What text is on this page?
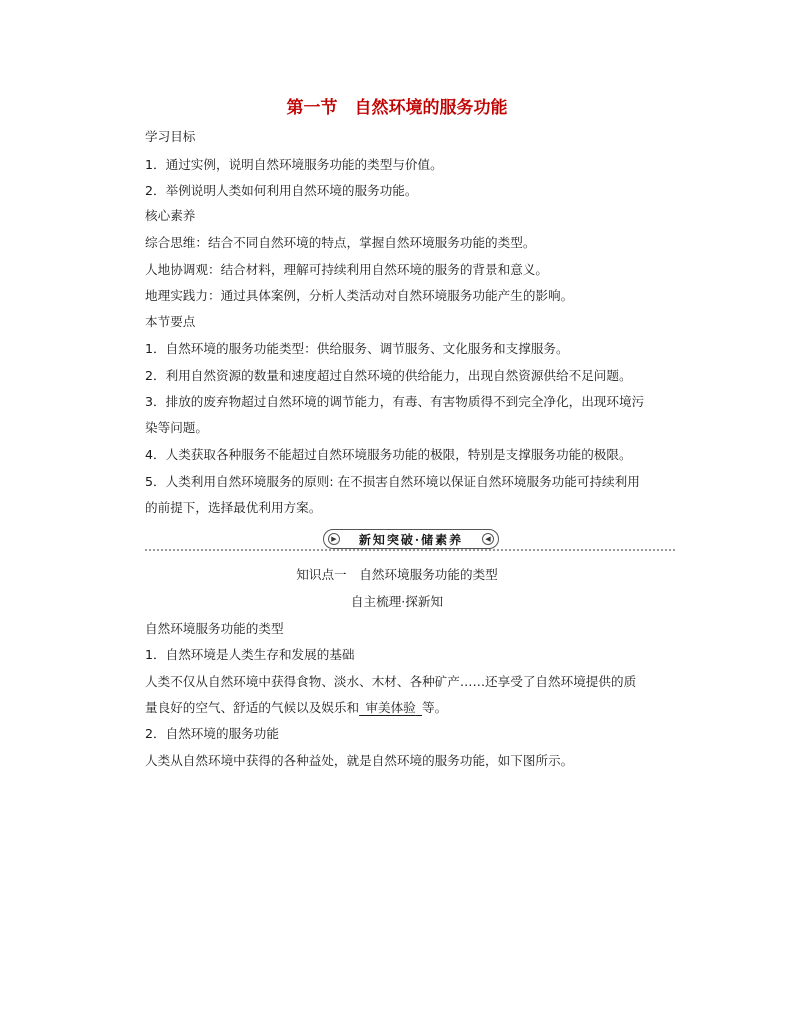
第一节　自然环境的服务功能
学习目标
1．通过实例，说明自然环境服务功能的类型与价值。
2．举例说明人类如何利用自然环境的服务功能。
核心素养
综合思维：结合不同自然环境的特点，掌握自然环境服务功能的类型。
人地协调观：结合材料，理解可持续利用自然环境的服务的背景和意义。
地理实践力：通过具体案例，分析人类活动对自然环境服务功能产生的影响。
本节要点
1．自然环境的服务功能类型：供给服务、调节服务、文化服务和支撑服务。
2．利用自然资源的数量和速度超过自然环境的供给能力，出现自然资源供给不足问题。
3．排放的废弃物超过自然环境的调节能力，有毒、有害物质得不到完全净化，出现环境污
染等问题。
4．人类获取各种服务不能超过自然环境服务功能的极限，特别是支撑服务功能的极限。
5．人类利用自然环境服务的原则: 在不损害自然环境以保证自然环境服务功能可持续利用
的前提下，选择最优利用方案。
▶ 新知突破·储素养	◀
知识点一　自然环境服务功能的类型
自主梳理·探新知
自然环境服务功能的类型
1．自然环境是人类生存和发展的基础
人类不仅从自然环境中获得食物、淡水、木材、各种矿产……还享受了自然环境提供的质
量良好的空气、舒适的气候以及娱乐和  审美体验  等。
2．自然环境的服务功能
人类从自然环境中获得的各种益处，就是自然环境的服务功能，如下图所示。
